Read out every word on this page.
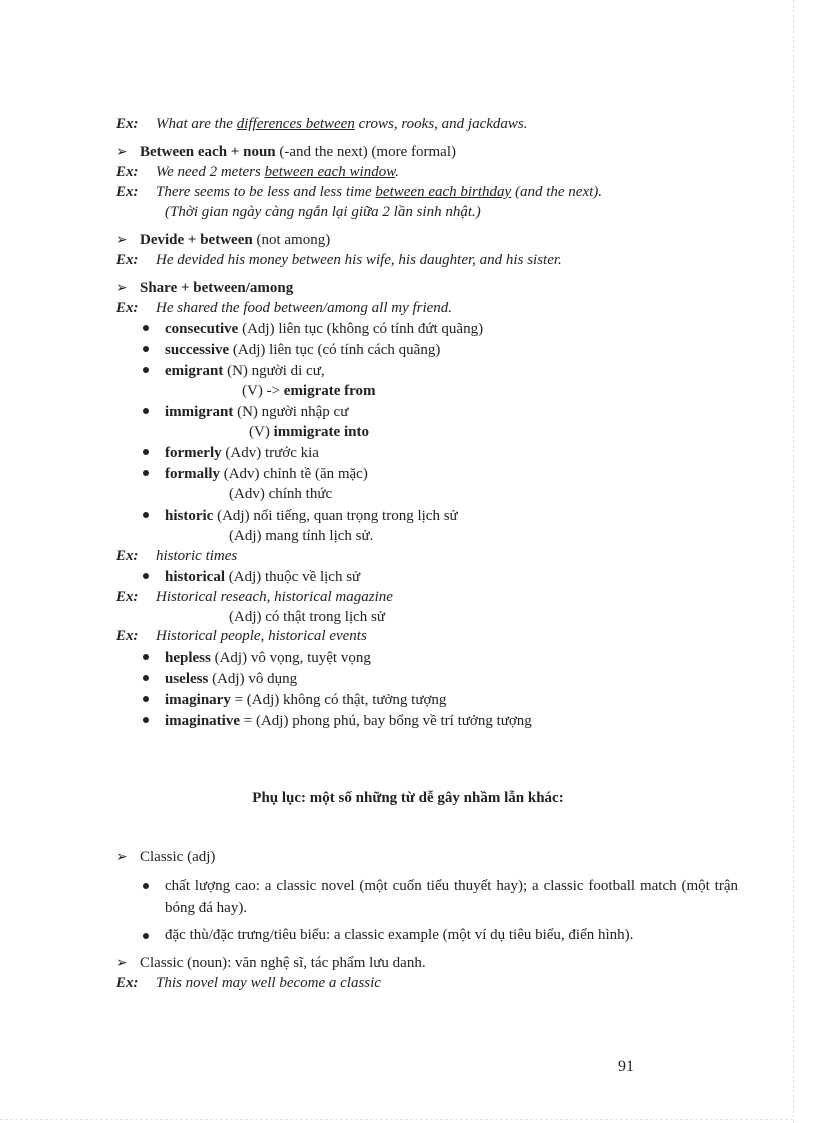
Ex: What are the differences between crows, rooks, and jackdaws.
➢ Between each + noun (-and the next) (more formal)
Ex: We need 2 meters between each window.
Ex: There seems to be less and less time between each birthday (and the next).
(Thời gian ngày càng ngắn lại giữa 2 lần sinh nhật.)
➢ Devide + between (not among)
Ex: He devided his money between his wife, his daughter, and his sister.
➢ Share + between/among
Ex: He shared the food between/among all my friend.
consecutive (Adj) liên tục (không có tính đứt quãng)
successive (Adj) liên tục (có tính cách quãng)
emigrant (N) người di cư,
(V) -> emigrate from
immigrant (N) người nhập cư
(V) immigrate into
formerly (Adv) trước kia
formally (Adv) chỉnh tề (ăn mặc)
(Adv) chính thức
historic (Adj) nổi tiếng, quan trọng trong lịch sử
(Adj) mang tính lịch sử.
Ex: historic times
historical (Adj) thuộc về lịch sử
Ex: Historical reseach, historical magazine
(Adj) có thật trong lịch sử
Ex: Historical people, historical events
hepless (Adj) vô vọng, tuyệt vọng
useless (Adj) vô dụng
imaginary = (Adj) không có thật, tưởng tượng
imaginative = (Adj) phong phú, bay bổng về trí tưởng tượng
Phụ lục: một số những từ dễ gây nhầm lẫn khác:
➢ Classic (adj)
chất lượng cao: a classic novel (một cuốn tiểu thuyết hay); a classic football match (một trận bóng đá hay).
đặc thù/đặc trưng/tiêu biểu: a classic example (một ví dụ tiêu biểu, điển hình).
➢ Classic (noun): văn nghệ sĩ, tác phẩm lưu danh.
Ex: This novel may well become a classic
91
